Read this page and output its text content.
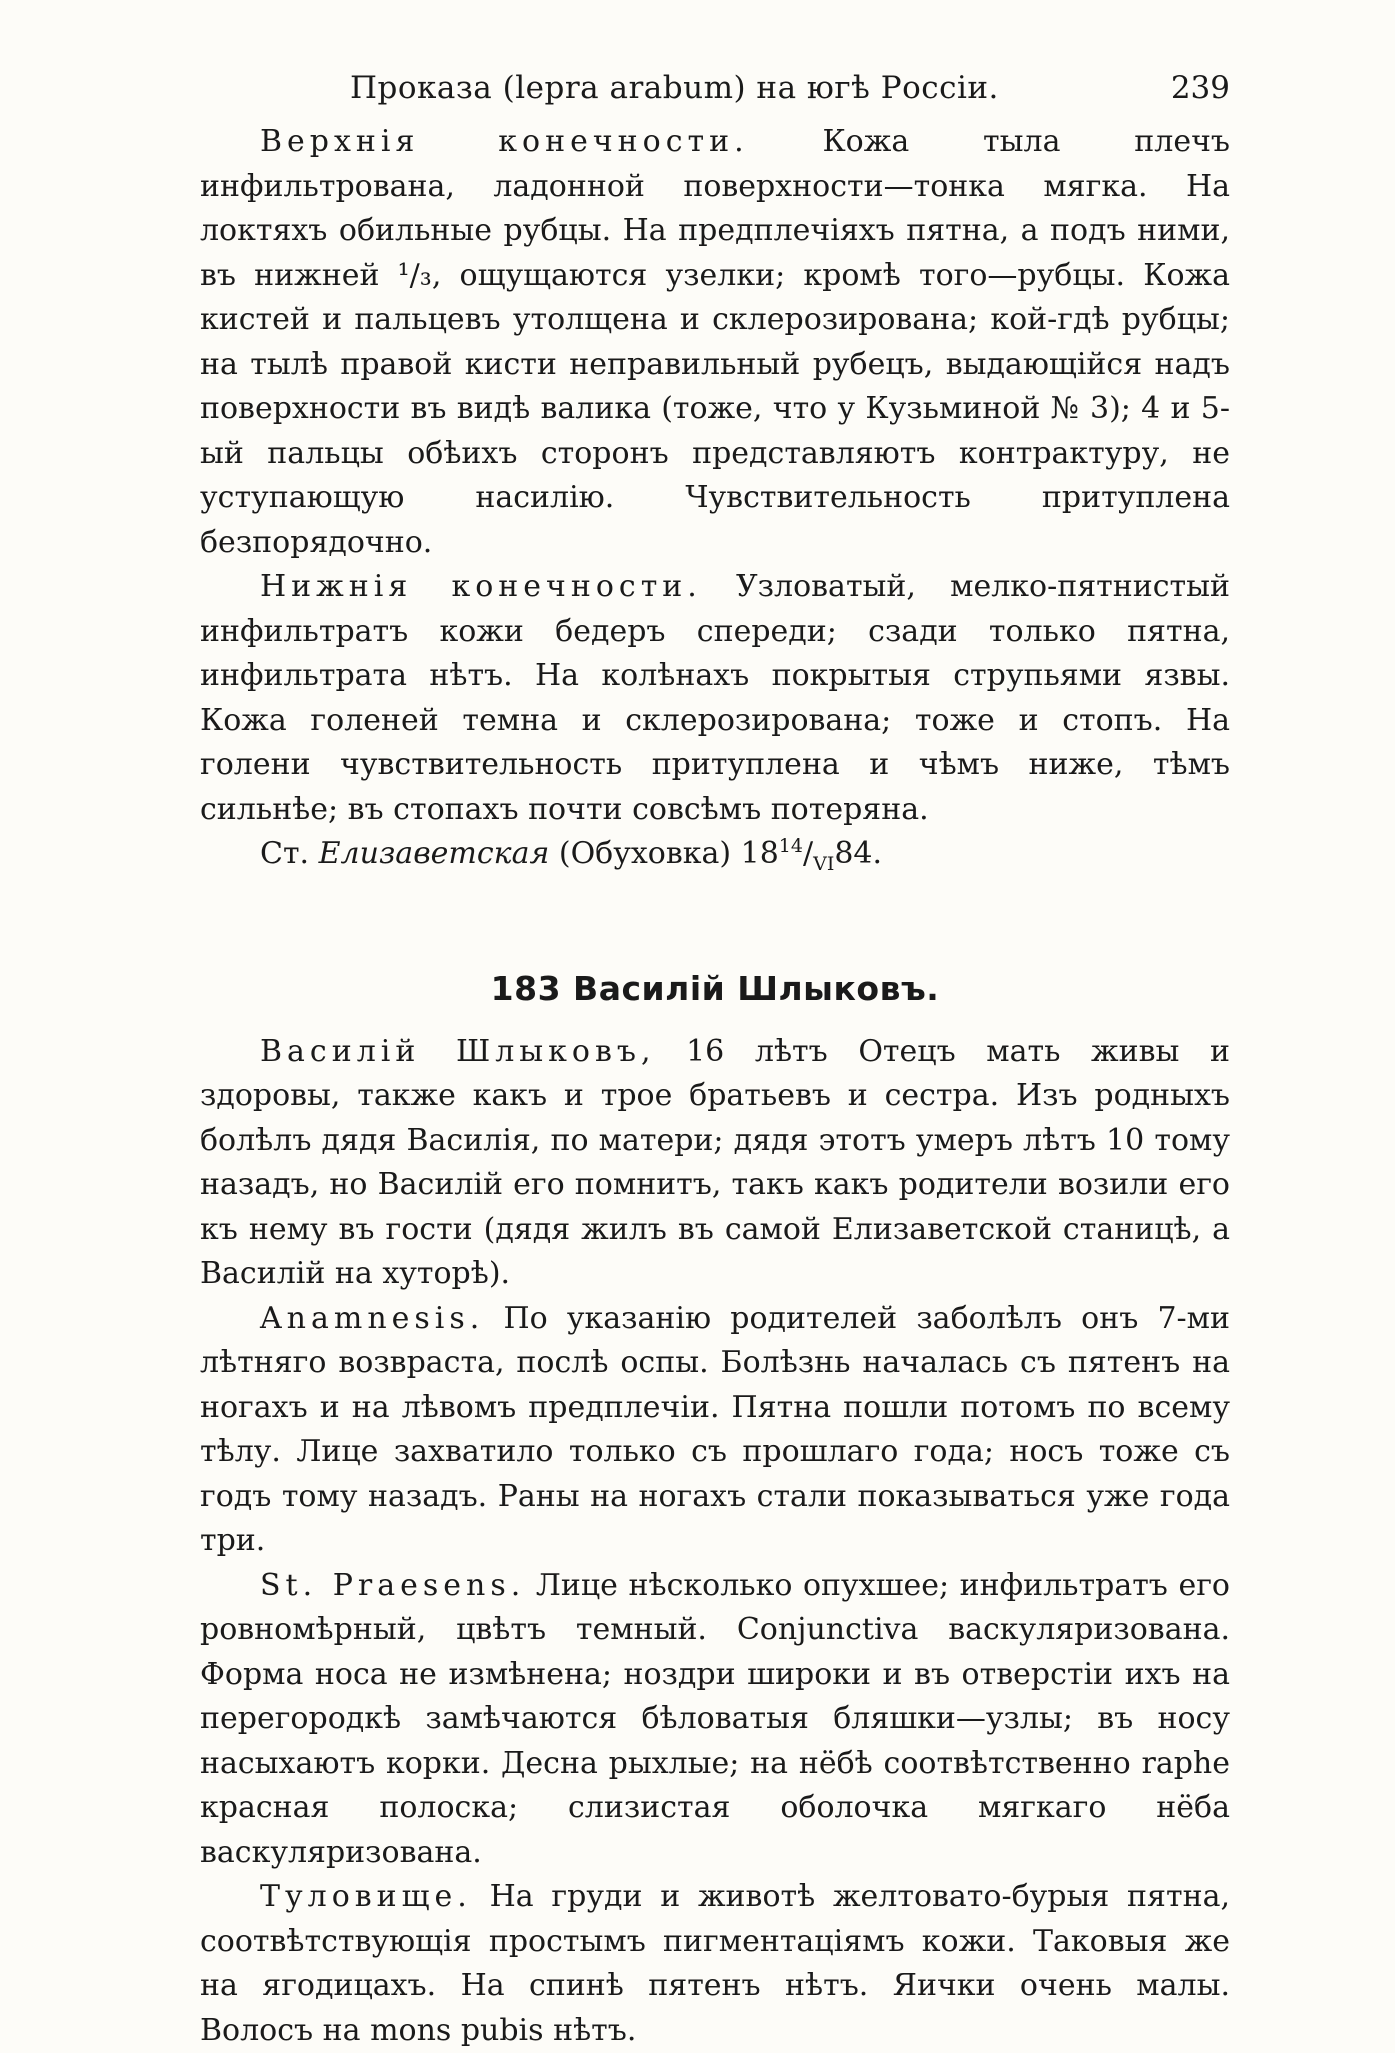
Проказа (lepra arabum) на югѣ Россіи.	239

Верхнія конечности. Кожа тыла плечъ инфильтрована, ладонной поверхности—тонка мягка. На локтяхъ обильные рубцы. На предплечіяхъ пятна, а подъ ними, въ нижней ¹/₃, ощущаются узелки; кромѣ того—рубцы. Кожа кистей и пальцевъ утолщена и склерозирована; кой-гдѣ рубцы; на тылѣ правой кисти неправильный рубецъ, выдающійся надъ поверхности въ видѣ валика (тоже, что у Кузьминой № 3); 4 и 5-ый пальцы обѣихъ сторонъ представляютъ контрактуру, не уступающую насилію. Чувствительность притуплена безпорядочно.

Нижнія конечности. Узловатый, мелко-пятнистый инфильтратъ кожи бедеръ спереди; сзади только пятна, инфильтрата нѣтъ. На колѣнахъ покрытыя струпьями язвы. Кожа голеней темна и склерозирована; тоже и стопъ. На голени чувствительность притуплена и чѣмъ ниже, тѣмъ сильнѣе; въ стопахъ почти совсѣмъ потеряна.

Ст. Елизаветская (Обуховка) $18^{14}/_{VI}84$.

183 Василій Шлыковъ.

Василій Шлыковъ, 16 лѣтъ Отецъ мать живы и здоровы, также какъ и трое братьевъ и сестра. Изъ родныхъ болѣлъ дядя Василія, по матери; дядя этотъ умеръ лѣтъ 10 тому назадъ, но Василій его помнитъ, такъ какъ родители возили его къ нему въ гости (дядя жилъ въ самой Елизаветской станицѣ, а Василій на хуторѣ).

Anamnesis. По указанію родителей заболѣлъ онъ 7-ми лѣтняго возвраста, послѣ оспы. Болѣзнь началась съ пятенъ на ногахъ и на лѣвомъ предплечіи. Пятна пошли потомъ по всему тѣлу. Лице захватило только съ прошлаго года; носъ тоже съ годъ тому назадъ. Раны на ногахъ стали показываться уже года три.

St. Praesens. Лице нѣсколько опухшее; инфильтратъ его ровномѣрный, цвѣтъ темный. Conjunctiva васкуляризована. Форма носа не измѣнена; ноздри широки и въ отверстіи ихъ на перегородкѣ замѣчаются бѣловатыя бляшки—узлы; въ носу насыхаютъ корки. Десна рыхлые; на нёбѣ соотвѣтственно raphe красная полоска; слизистая оболочка мягкаго нёба васкуляризована.

Туловище. На груди и животѣ желтовато-бурыя пятна, соотвѣтствующія простымъ пигментаціямъ кожи. Таковыя же на ягодицахъ. На спинѣ пятенъ нѣтъ. Яички очень малы. Волосъ на mons pubis нѣтъ.
